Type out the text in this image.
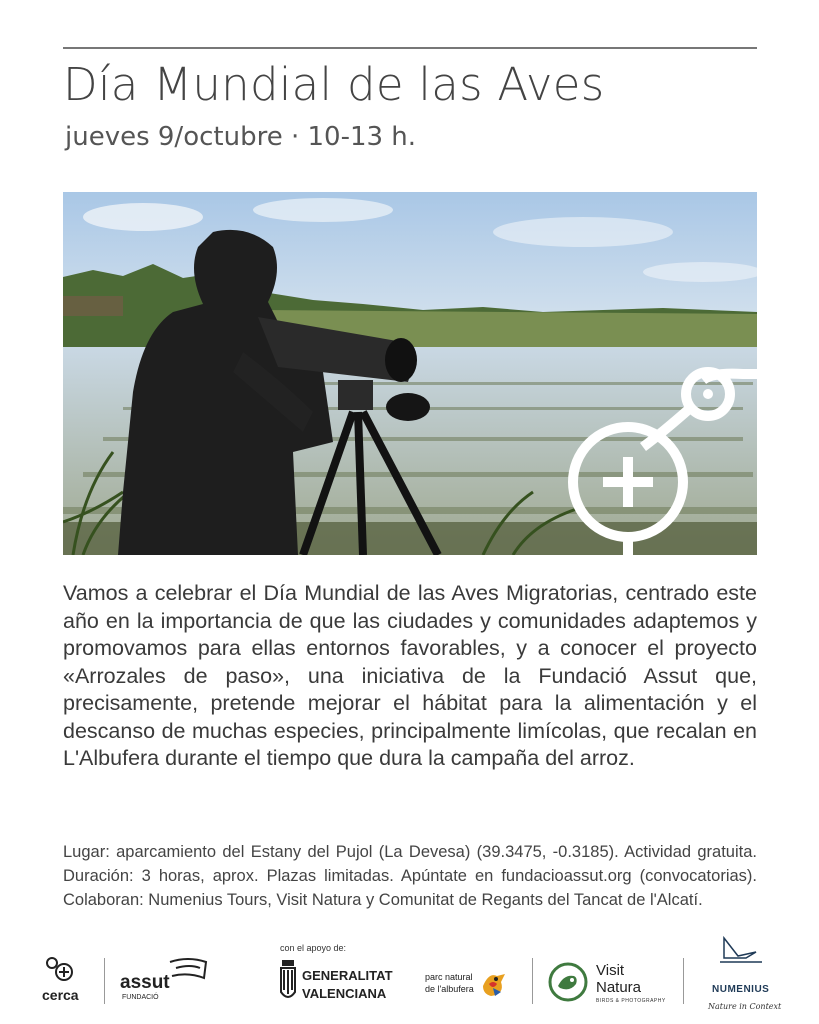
Día Mundial de las Aves
jueves 9/octubre · 10-13 h.
Vamos a celebrar el Día Mundial de las Aves Migratorias, centrado este año en la importancia de que las ciudades y comunidades adaptemos y promovamos para ellas entornos favorables, y a conocer el proyecto «Arrozales de paso», una iniciativa de la Fundació Assut que, precisamente, pretende mejorar el hábitat para la alimentación y el descanso de muchas especies, principalmente limícolas, que recalan en L'Albufera durante el tiempo que dura la campaña del arroz.
Lugar: aparcamiento del Estany del Pujol (La Devesa) (39.3475, -0.3185). Actividad gratuita. Duración: 3 horas, aprox. Plazas limitadas. Apúntate en fundacioassut.org (convocatorias). Colaboran: Numenius Tours, Visit Natura y Comunitat de Regants del Tancat de l'Alcatí.
cerca
assut
FUNDACIÓ
con el apoyo de:
GENERALITAT
VALENCIANA
parc natural
de l'albufera
Visit
Natura
BIRDS & PHOTOGRAPHY
NUMENIUS
Nature in Context
